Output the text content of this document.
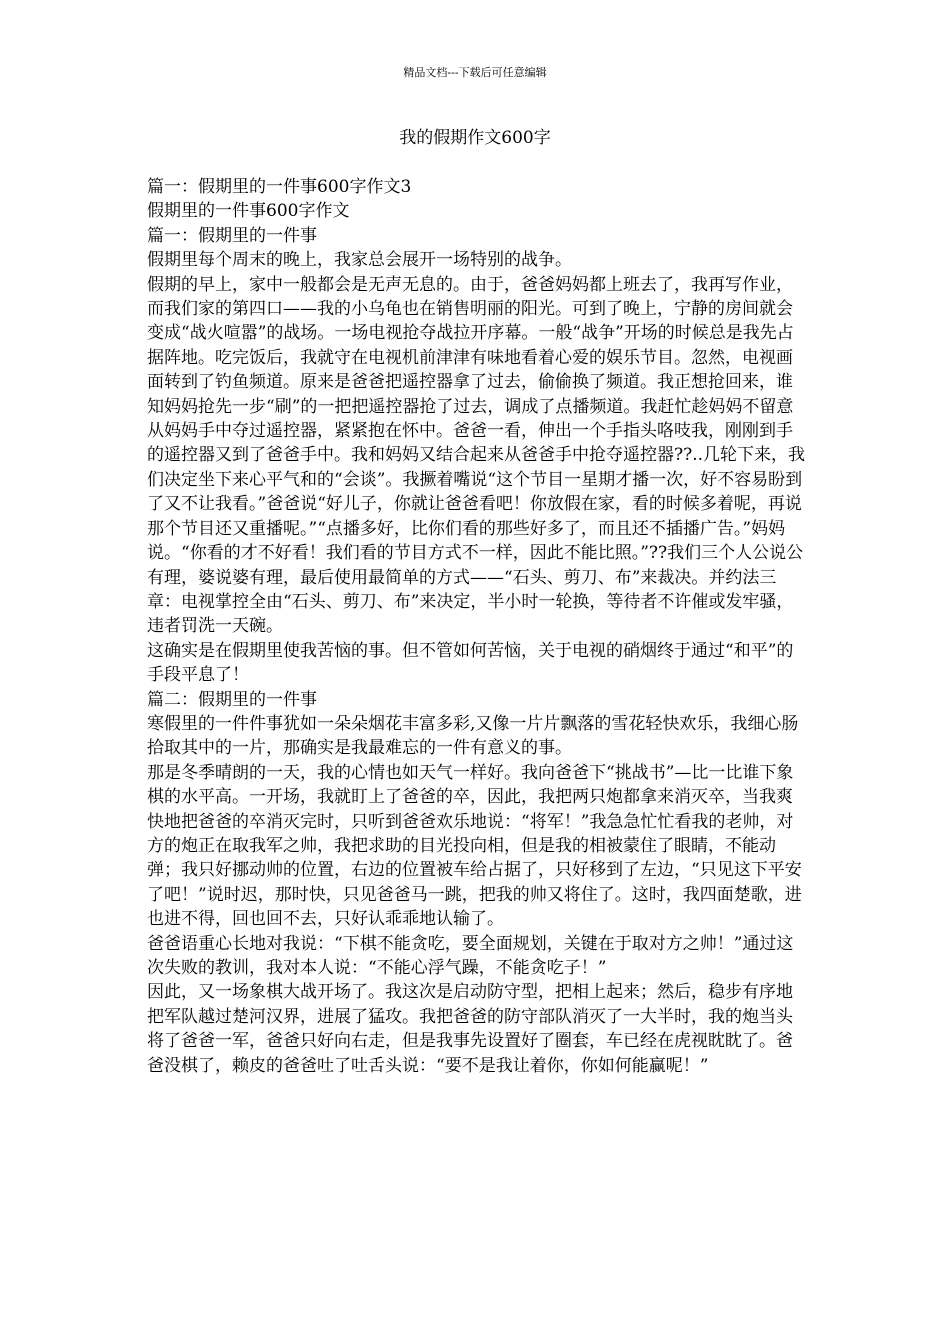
精品文档---下载后可任意编辑
我的假期作文600字

篇一：假期里的一件事600字作文3

假期里的一件事600字作文

篇一：假期里的一件事

假期里每个周末的晚上，我家总会展开一场特别的战争。

假期的早上，家中一般都会是无声无息的。由于，爸爸妈妈都上班去了，我再写作业，而我们家的第四口——我的小乌龟也在销售明丽的阳光。可到了晚上，宁静的房间就会变成“战火喧嚣”的战场。一场电视抢夺战拉开序幕。一般“战争”开场的时候总是我先占据阵地。吃完饭后，我就守在电视机前津津有味地看着心爱的娱乐节目。忽然，电视画面转到了钓鱼频道。原来是爸爸把遥控器拿了过去，偷偷换了频道。我正想抢回来，谁知妈妈抢先一步“刷”的一把把遥控器抢了过去，调成了点播频道。我赶忙趁妈妈不留意从妈妈手中夺过遥控器，紧紧抱在怀中。爸爸一看，伸出一个手指头咯吱我，刚刚到手的遥控器又到了爸爸手中。我和妈妈又结合起来从爸爸手中抢夺遥控器??..几轮下来，我们决定坐下来心平气和的“会谈”。我撅着嘴说“这个节目一星期才播一次，好不容易盼到了又不让我看。”爸爸说“好儿子，你就让爸爸看吧！你放假在家，看的时候多着呢，再说那个节目还又重播呢。”“点播多好，比你们看的那些好多了，而且还不插播广告。”妈妈说。“你看的才不好看！我们看的节目方式不一样，因此不能比照。”??我们三个人公说公有理，婆说婆有理，最后使用最简单的方式——“石头、剪刀、布”来裁决。并约法三章：电视掌控全由“石头、剪刀、布”来决定，半小时一轮换，等待者不许催或发牢骚，违者罚洗一天碗。

这确实是在假期里使我苦恼的事。但不管如何苦恼，关于电视的硝烟终于通过“和平”的手段平息了！

篇二：假期里的一件事

寒假里的一件件事犹如一朵朵烟花丰富多彩,又像一片片飘落的雪花轻快欢乐，我细心肠拾取其中的一片，那确实是我最难忘的一件有意义的事。

那是冬季晴朗的一天，我的心情也如天气一样好。我向爸爸下“挑战书”—比一比谁下象棋的水平高。一开场，我就盯上了爸爸的卒，因此，我把两只炮都拿来消灭卒，当我爽快地把爸爸的卒消灭完时，只听到爸爸欢乐地说：“将军！”我急急忙忙看我的老帅，对方的炮正在取我军之帅，我把求助的目光投向相，但是我的相被蒙住了眼睛，不能动弹；我只好挪动帅的位置，右边的位置被车给占据了，只好移到了左边，“只见这下平安了吧！”说时迟，那时快，只见爸爸马一跳，把我的帅又将住了。这时，我四面楚歌，进也进不得，回也回不去，只好认乖乖地认输了。

爸爸语重心长地对我说：“下棋不能贪吃，要全面规划，关键在于取对方之帅！”通过这次失败的教训，我对本人说：“不能心浮气躁，不能贪吃子！”

因此，又一场象棋大战开场了。我这次是启动防守型，把相上起来；然后，稳步有序地把军队越过楚河汉界，进展了猛攻。我把爸爸的防守部队消灭了一大半时，我的炮当头将了爸爸一军，爸爸只好向右走，但是我事先设置好了圈套，车已经在虎视眈眈了。爸爸没棋了，赖皮的爸爸吐了吐舌头说：“要不是我让着你，你如何能赢呢！”
